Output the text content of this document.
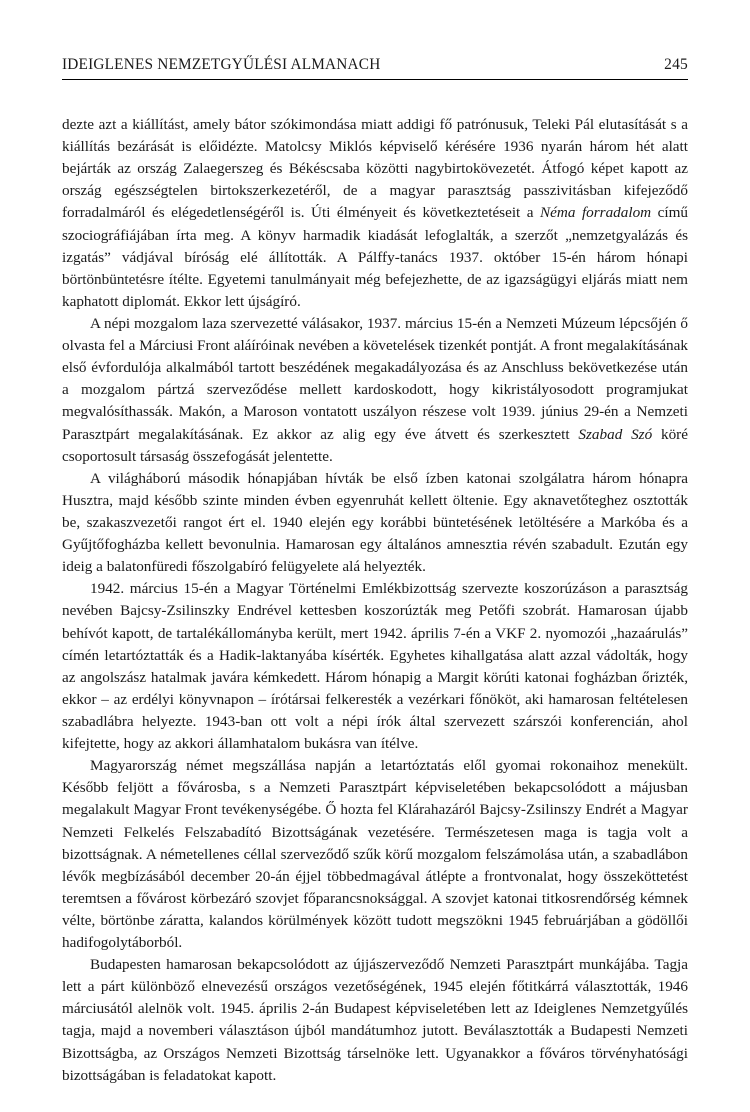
IDEIGLENES NEMZETGYŰLÉSI ALMANACH	245

dezte azt a kiállítást, amely bátor szókimondása miatt addigi fő patrónusuk, Teleki Pál elutasítását s a kiállítás bezárását is előidézte. Matolcsy Miklós képviselő kérésére 1936 nyarán három hét alatt bejárták az ország Zalaegerszeg és Békéscsaba közötti nagybirtokövezetét. Átfogó képet kapott az ország egészségtelen birtokszerkezetéről, de a magyar parasztság passzivitásban kifejeződő forradalmáról és elégedetlenségéről is. Úti élményeit és következtetéseit a Néma forradalom című szociográfiájában írta meg. A könyv harmadik kiadását lefoglalták, a szerzőt „nemzetgyalázás és izgatás” vádjával bíróság elé állították. A Pálffy-tanács 1937. október 15-én három hónapi börtönbüntetésre ítélte. Egyetemi tanulmányait még befejezhette, de az igazságügyi eljárás miatt nem kaphatott diplomát. Ekkor lett újságíró.

A népi mozgalom laza szervezetté válásakor, 1937. március 15-én a Nemzeti Múzeum lépcsőjén ő olvasta fel a Márciusi Front aláíróinak nevében a követelések tizenkét pontját. A front megalakításának első évfordulója alkalmából tartott beszédének megakadályozása és az Anschluss bekövetkezése után a mozgalom pártzá szerveződése mellett kardoskodott, hogy kikristályosodott programjukat megvalósíthassák. Makón, a Maroson vontatott uszályon részese volt 1939. június 29-én a Nemzeti Parasztpárt megalakításának. Ez akkor az alig egy éve átvett és szerkesztett Szabad Szó köré csoportosult társaság összefogását jelentette.

A világháború második hónapjában hívták be első ízben katonai szolgálatra három hónapra Husztra, majd később szinte minden évben egyenruhát kellett öltenie. Egy aknavetőteghez osztották be, szakaszvezetői rangot ért el. 1940 elején egy korábbi büntetésének letöltésére a Markóba és a Gyűjtőfogházba kellett bevonulnia. Hamarosan egy általános amnesztia révén szabadult. Ezután egy ideig a balatonfüredi főszolgabíró felügyelete alá helyezték.

1942. március 15-én a Magyar Történelmi Emlékbizottság szervezte koszorúzáson a parasztság nevében Bajcsy-Zsilinszky Endrével kettesben koszorúzták meg Petőfi szobrát. Hamarosan újabb behívót kapott, de tartalékállományba került, mert 1942. április 7-én a VKF 2. nyomozói „hazaárulás” címén letartóztatták és a Hadik-laktanyába kísérték. Egyhetes kihallgatása alatt azzal vádolták, hogy az angolszász hatalmak javára kémkedett. Három hónapig a Margit körúti katonai fogházban őrizték, ekkor – az erdélyi könyvnapon – írótársai felkeresték a vezérkari főnököt, aki hamarosan feltételesen szabadlábra helyezte. 1943-ban ott volt a népi írók által szervezett szárszói konferencián, ahol kifejtette, hogy az akkori államhatalom bukásra van ítélve.

Magyarország német megszállása napján a letartóztatás elől gyomai rokonaihoz menekült. Később feljött a fővárosba, s a Nemzeti Parasztpárt képviseletében bekapcsolódott a májusban megalakult Magyar Front tevékenységébe. Ő hozta fel Klárahazáról Bajcsy-Zsilinszy Endrét a Magyar Nemzeti Felkelés Felszabadító Bizottságának vezetésére. Természetesen maga is tagja volt a bizottságnak. A németellenes céllal szerveződő szűk körű mozgalom felszámolása után, a szabadlábon lévők megbízásából december 20-án éjjel többedmagával átlépte a frontvonalat, hogy összeköttetést teremtsen a fővárost körbezáró szovjet főparancsnoksággal. A szovjet katonai titkosrendőrség kémnek vélte, börtönbe záratta, kalandos körülmények között tudott megszökni 1945 februárjában a gödöllői hadifogolytáborból.

Budapesten hamarosan bekapcsolódott az újjászerveződő Nemzeti Parasztpárt munkájába. Tagja lett a párt különböző elnevezésű országos vezetőségének, 1945 elején főtitkárrá választották, 1946 márciusától alelnök volt. 1945. április 2-án Budapest képviseletében lett az Ideiglenes Nemzetgyűlés tagja, majd a novemberi választáson újból mandátumhoz jutott. Beválasztották a Budapesti Nemzeti Bizottságba, az Országos Nemzeti Bizottság társelnöke lett. Ugyanakkor a főváros törvényhatósági bizottságában is feladatokat kapott.
